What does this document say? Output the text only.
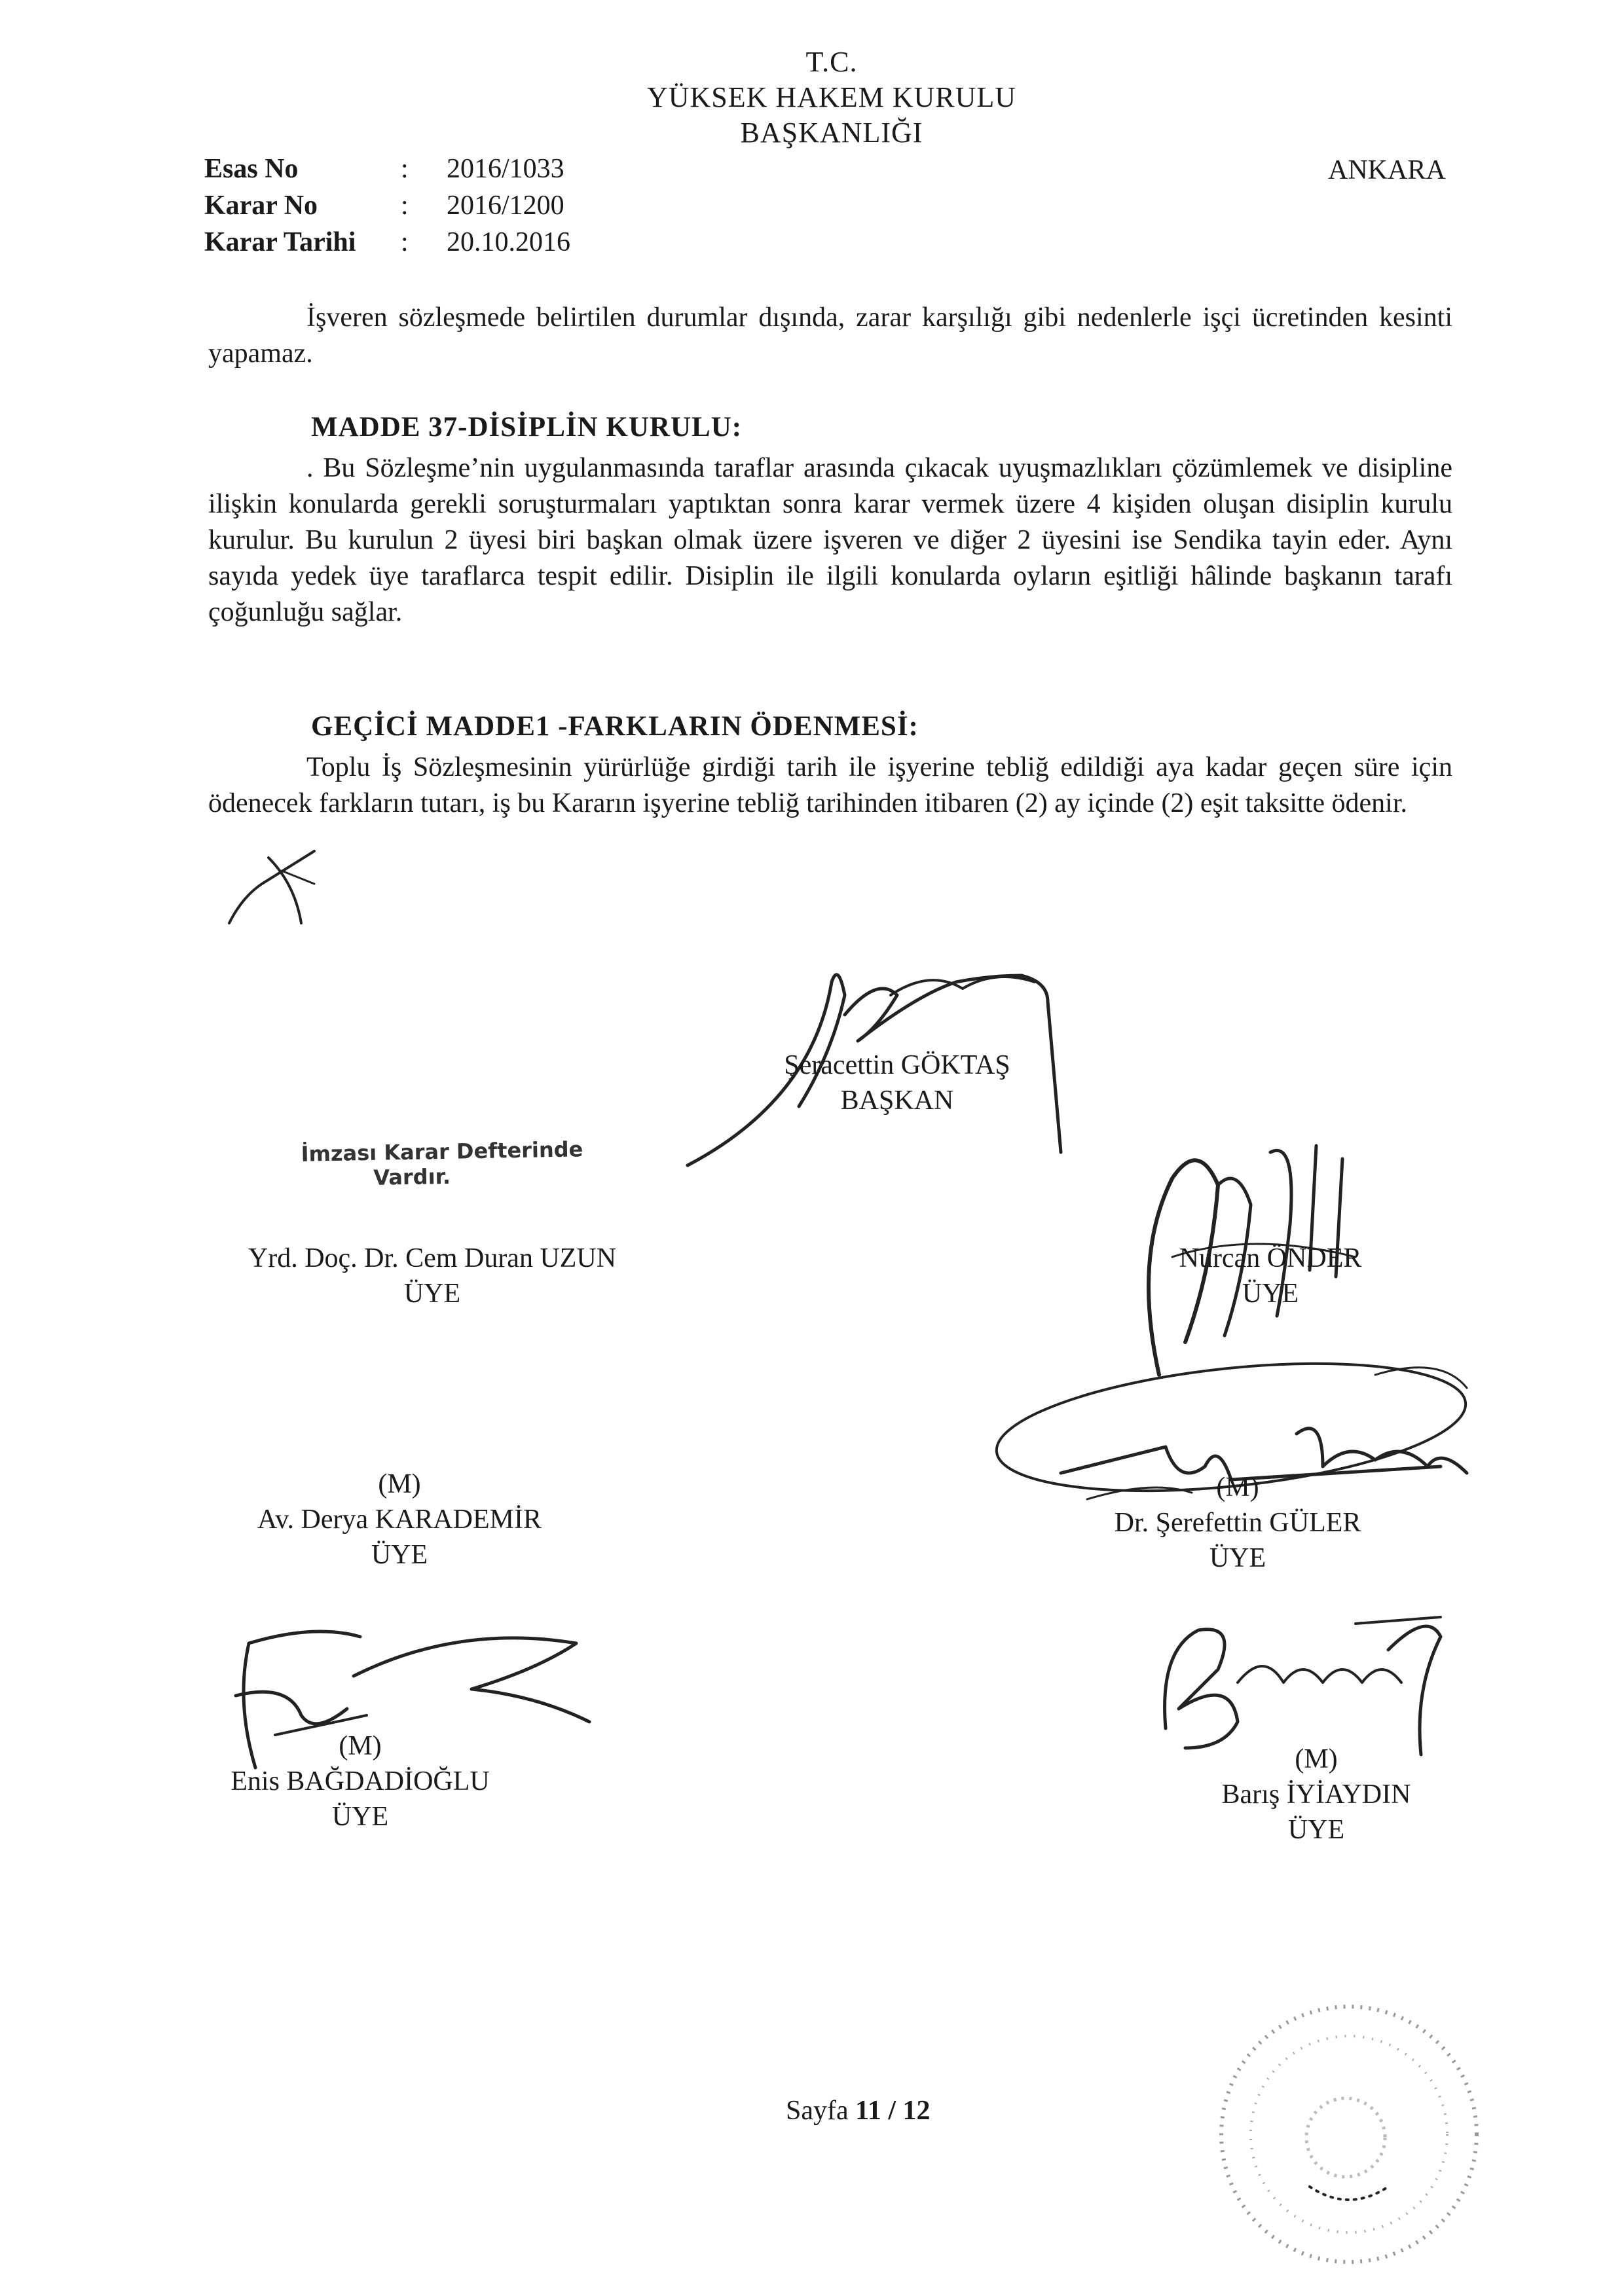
T.C.
YÜKSEK HAKEM KURULU
BAŞKANLIĞI
ANKARA
Esas No	:	2016/1033
Karar No	:	2016/1200
Karar Tarihi	:	20.10.2016
İşveren sözleşmede belirtilen durumlar dışında, zarar karşılığı gibi nedenlerle işçi ücretinden kesinti yapamaz.
MADDE 37-DİSİPLİN KURULU:
. Bu Sözleşme’nin uygulanmasında taraflar arasında çıkacak uyuşmazlıkları çözümlemek ve disipline ilişkin konularda gerekli soruşturmaları yaptıktan sonra karar vermek üzere 4 kişiden oluşan disiplin kurulu kurulur. Bu kurulun 2 üyesi biri başkan olmak üzere işveren ve diğer 2 üyesini ise Sendika tayin eder. Aynı sayıda yedek üye taraflarca tespit edilir. Disiplin ile ilgili konularda oyların eşitliği hâlinde başkanın tarafı çoğunluğu sağlar.
GEÇİCİ MADDE1 -FARKLARIN ÖDENMESİ:
Toplu İş Sözleşmesinin yürürlüğe girdiği tarih ile işyerine tebliğ edildiği aya kadar geçen süre için ödenecek farkların tutarı, iş bu Kararın işyerine tebliğ tarihinden itibaren (2) ay içinde (2) eşit taksitte ödenir.
Şeracettin GÖKTAŞ
BAŞKAN
İmzası Karar Defterinde
Vardır.
Yrd. Doç. Dr. Cem Duran UZUN
ÜYE
Nurcan ÖNDER
ÜYE
(M)
Av. Derya KARADEMİR
ÜYE
(M)
Dr. Şerefettin GÜLER
ÜYE
(M)
Enis BAĞDADİOĞLU
ÜYE
(M)
Barış İYİAYDIN
ÜYE
Sayfa 11 / 12
